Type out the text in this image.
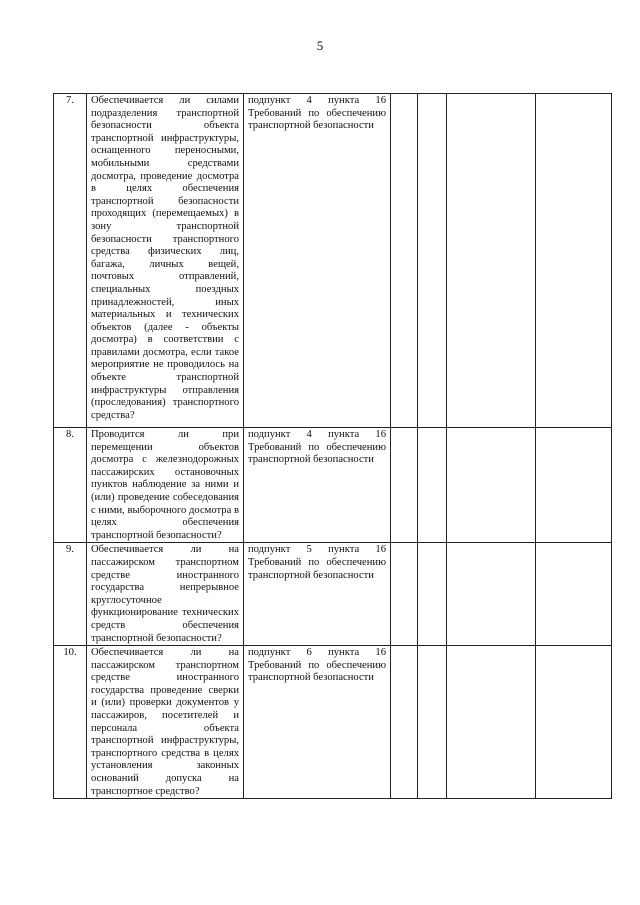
5
7.	Обеспечивается ли силами подразделения транспортной безопасности объекта транспортной инфраструктуры, оснащенного переносными, мобильными средствами досмотра, проведение досмотра в целях обеспечения транспортной безопасности проходящих (перемещаемых) в зону транспортной безопасности транспортного средства физических лиц, багажа, личных вещей, почтовых отправлений, специальных поездных принадлежностей, иных материальных и технических объектов (далее - объекты досмотра) в соответствии с правилами досмотра, если такое мероприятие не проводилось на объекте транспортной инфраструктуры отправления (проследования) транспортного средства?	подпункт 4 пункта 16 Требований по обеспечению транспортной безопасности				
8.	Проводится ли при перемещении объектов досмотра с железнодорожных пассажирских остановочных пунктов наблюдение за ними и (или) проведение собеседования с ними, выборочного досмотра в целях обеспечения транспортной безопасности?	подпункт 4 пункта 16 Требований по обеспечению транспортной безопасности				
9.	Обеспечивается ли на пассажирском транспортном средстве иностранного государства непрерывное круглосуточное функционирование технических средств обеспечения транспортной безопасности?	подпункт 5 пункта 16 Требований по обеспечению транспортной безопасности				
10.	Обеспечивается ли на пассажирском транспортном средстве иностранного государства проведение сверки и (или) проверки документов у пассажиров, посетителей и персонала объекта транспортной инфраструктуры, транспортного средства в целях установления законных оснований допуска на транспортное средство?	подпункт 6 пункта 16 Требований по обеспечению транспортной безопасности				
